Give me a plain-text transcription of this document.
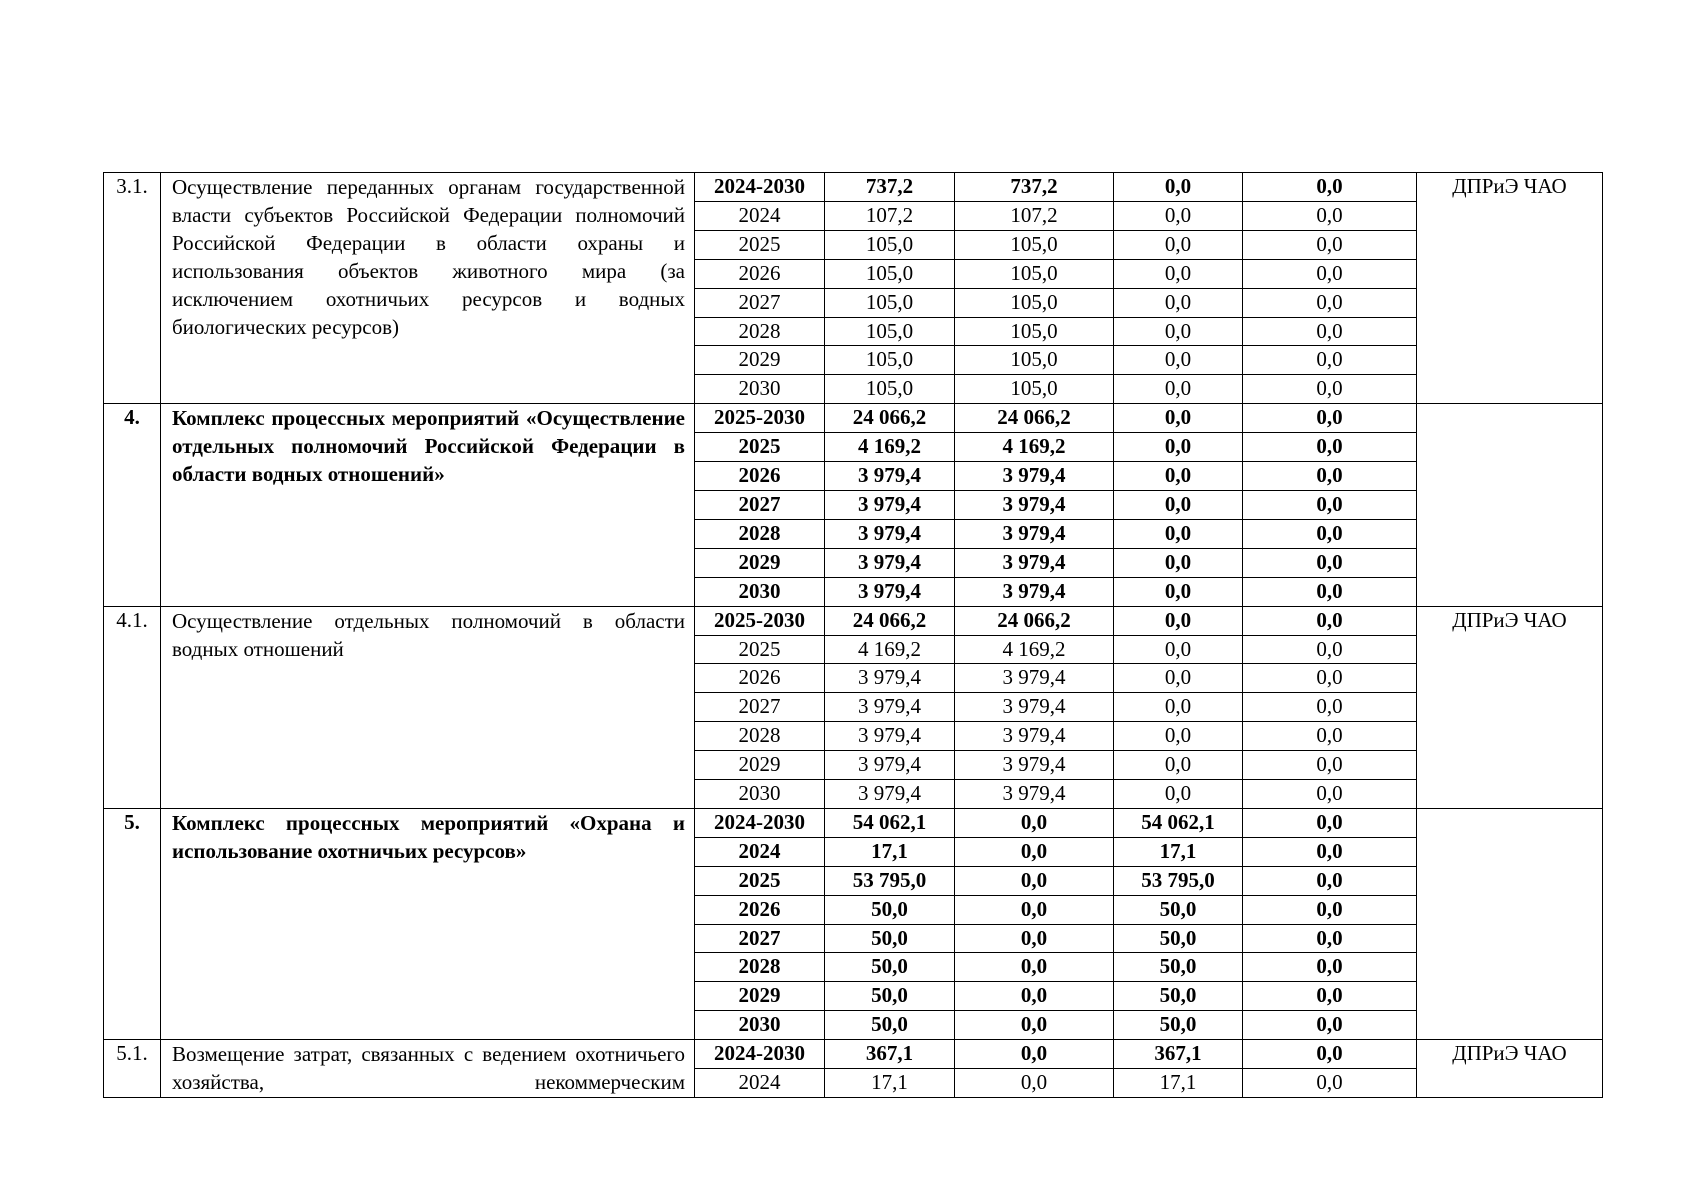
3.1.	Осуществление переданных органам государственной власти субъектов Российской Федерации полномочий Российской Федерации в области охраны и использования объектов животного мира (за исключением охотничьих ресурсов и водных биологических ресурсов)	2024-2030	737,2	737,2	0,0	0,0	ДПРиЭ ЧАО
		2024	107,2	107,2	0,0	0,0	
		2025	105,0	105,0	0,0	0,0	
		2026	105,0	105,0	0,0	0,0	
		2027	105,0	105,0	0,0	0,0	
		2028	105,0	105,0	0,0	0,0	
		2029	105,0	105,0	0,0	0,0	
		2030	105,0	105,0	0,0	0,0	
4.	Комплекс процессных мероприятий «Осуществление отдельных полномочий Российской Федерации в области водных отношений»	2025-2030	24 066,2	24 066,2	0,0	0,0	
		2025	4 169,2	4 169,2	0,0	0,0	
		2026	3 979,4	3 979,4	0,0	0,0	
		2027	3 979,4	3 979,4	0,0	0,0	
		2028	3 979,4	3 979,4	0,0	0,0	
		2029	3 979,4	3 979,4	0,0	0,0	
		2030	3 979,4	3 979,4	0,0	0,0	
4.1.	Осуществление отдельных полномочий в области водных отношений	2025-2030	24 066,2	24 066,2	0,0	0,0	ДПРиЭ ЧАО
		2025	4 169,2	4 169,2	0,0	0,0	
		2026	3 979,4	3 979,4	0,0	0,0	
		2027	3 979,4	3 979,4	0,0	0,0	
		2028	3 979,4	3 979,4	0,0	0,0	
		2029	3 979,4	3 979,4	0,0	0,0	
		2030	3 979,4	3 979,4	0,0	0,0	
5.	Комплекс процессных мероприятий «Охрана и использование охотничьих ресурсов»	2024-2030	54 062,1	0,0	54 062,1	0,0	
		2024	17,1	0,0	17,1	0,0	
		2025	53 795,0	0,0	53 795,0	0,0	
		2026	50,0	0,0	50,0	0,0	
		2027	50,0	0,0	50,0	0,0	
		2028	50,0	0,0	50,0	0,0	
		2029	50,0	0,0	50,0	0,0	
		2030	50,0	0,0	50,0	0,0	
5.1.	Возмещение затрат, связанных с ведением охотничьего хозяйства, некоммерческим	2024-2030	367,1	0,0	367,1	0,0	ДПРиЭ ЧАО
		2024	17,1	0,0	17,1	0,0	
